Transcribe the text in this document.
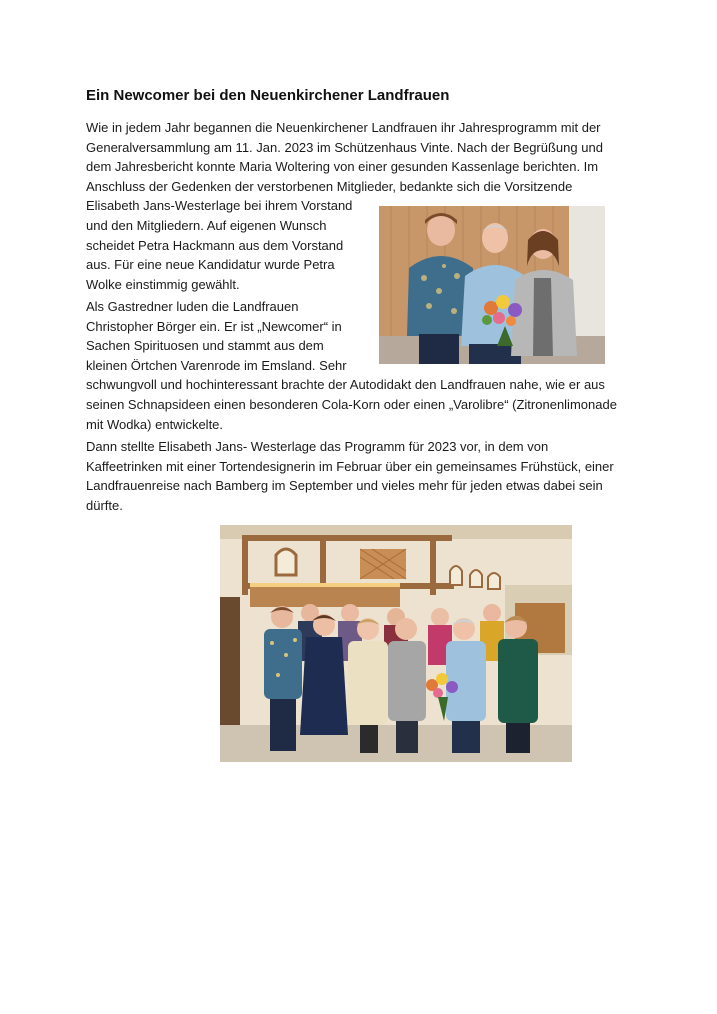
Ein Newcomer bei den Neuenkirchener Landfrauen

Wie in jedem Jahr begannen die Neuenkirchener Landfrauen ihr Jahresprogramm mit der
Generalversammlung am 11. Jan. 2023 im Schützenhaus Vinte. Nach der Begrüßung und
dem Jahresbericht konnte Maria Woltering von einer gesunden Kassenlage berichten. Im
Anschluss der Gedenken der verstorbenen Mitglieder, bedankte sich die Vorsitzende
Elisabeth Jans-Westerlage bei ihrem Vorstand
und den Mitgliedern. Auf eigenen Wunsch
scheidet Petra Hackmann aus dem Vorstand
aus. Für eine neue Kandidatur wurde Petra
Wolke einstimmig gewählt.

Als Gastredner luden die Landfrauen
Christopher Börger ein. Er ist „Newcomer“ in
Sachen Spirituosen und stammt aus dem
kleinen Örtchen Varenrode im Emsland. Sehr
schwungvoll und hochinteressant brachte der Autodidakt den Landfrauen nahe, wie er aus
seinen Schnapsideen einen besonderen Cola-Korn oder einen „Varolibre“ (Zitronenlimonade
mit Wodka) entwickelte.

Dann stellte Elisabeth Jans- Westerlage das Programm für 2023 vor, in dem von
Kaffeetrinken mit einer Tortendesignerin im Februar über ein gemeinsames Frühstück, einer
Landfrauenreise nach Bamberg im September und vieles mehr für jeden etwas dabei sein
dürfte.
